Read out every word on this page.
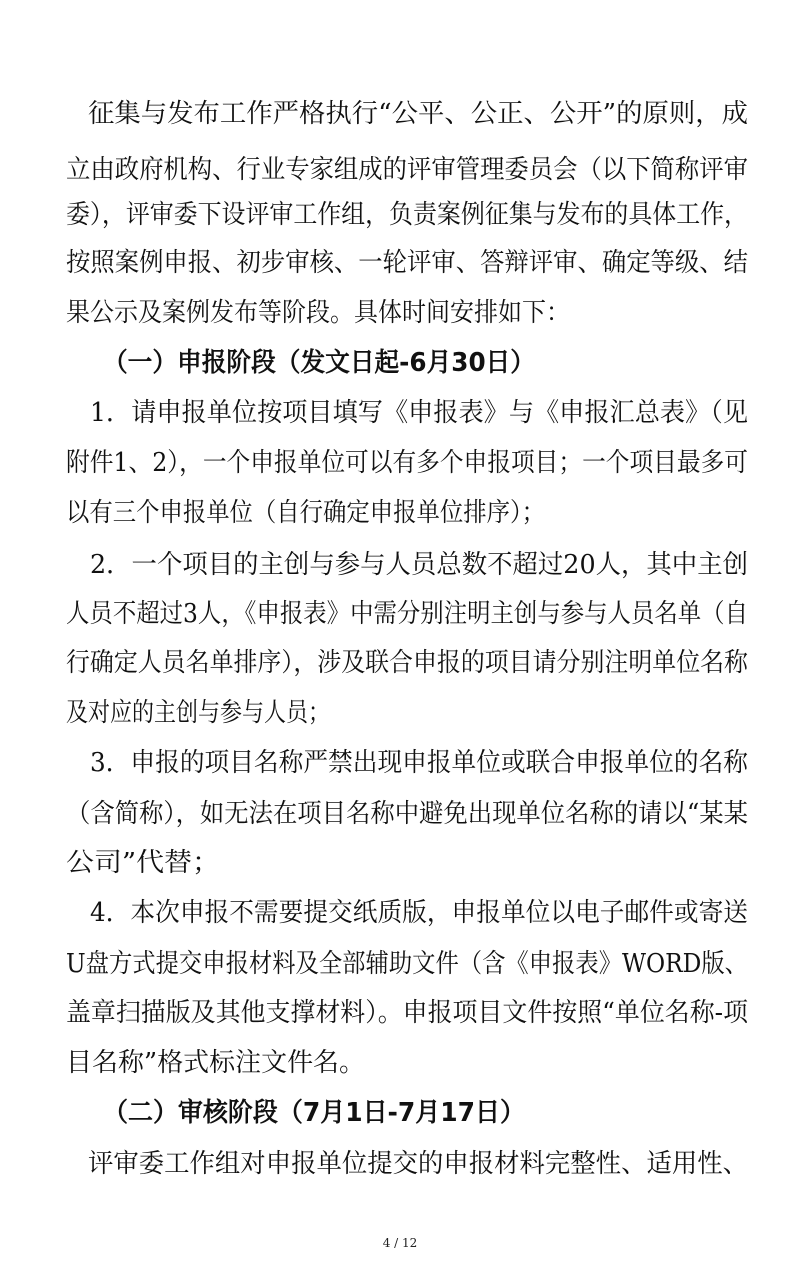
征集与发布工作严格执行“公平、公正、公开”的原则，成
立由政府机构、行业专家组成的评审管理委员会（以下简称评审
委），评审委下设评审工作组，负责案例征集与发布的具体工作，
按照案例申报、初步审核、一轮评审、答辩评审、确定等级、结
果公示及案例发布等阶段。具体时间安排如下：
（一）申报阶段（发文日起-6月30日）
1．请申报单位按项目填写《申报表》与《申报汇总表》（见
附件1、2），一个申报单位可以有多个申报项目；一个项目最多可
以有三个申报单位（自行确定申报单位排序）；
2．一个项目的主创与参与人员总数不超过20人，其中主创
人员不超过3人，《申报表》中需分别注明主创与参与人员名单（自
行确定人员名单排序），涉及联合申报的项目请分别注明单位名称
及对应的主创与参与人员；
3．申报的项目名称严禁出现申报单位或联合申报单位的名称
（含简称），如无法在项目名称中避免出现单位名称的请以“某某
公司”代替；
4．本次申报不需要提交纸质版，申报单位以电子邮件或寄送
U盘方式提交申报材料及全部辅助文件（含《申报表》WORD版、
盖章扫描版及其他支撑材料）。申报项目文件按照“单位名称-项
目名称”格式标注文件名。
（二）审核阶段（7月1日-7月17日）
评审委工作组对申报单位提交的申报材料完整性、适用性、
4 / 12
